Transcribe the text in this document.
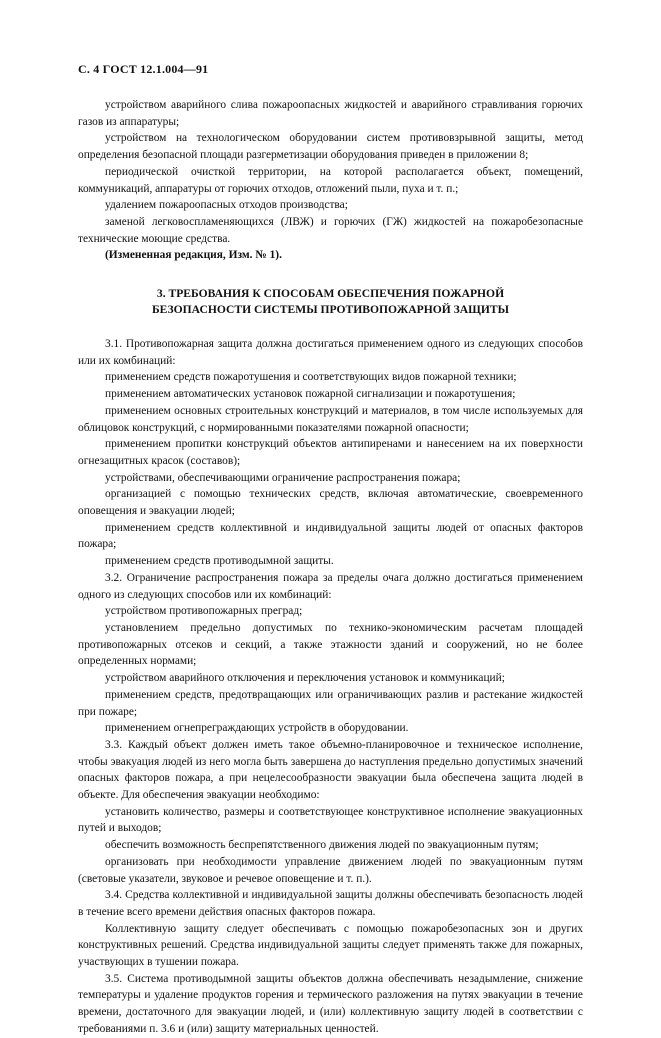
С. 4 ГОСТ 12.1.004—91

устройством аварийного слива пожароопасных жидкостей и аварийного стравливания горючих газов из аппаратуры;

устройством на технологическом оборудовании систем противовзрывной защиты, метод определения безопасной площади разгерметизации оборудования приведен в приложении 8;

периодической очисткой территории, на которой располагается объект, помещений, коммуникаций, аппаратуры от горючих отходов, отложений пыли, пуха и т. п.;

удалением пожароопасных отходов производства;

заменой легковоспламеняющихся (ЛВЖ) и горючих (ГЖ) жидкостей на пожаробезопасные технические моющие средства.

(Измененная редакция, Изм. № 1).

3. ТРЕБОВАНИЯ К СПОСОБАМ ОБЕСПЕЧЕНИЯ ПОЖАРНОЙ
БЕЗОПАСНОСТИ СИСТЕМЫ ПРОТИВОПОЖАРНОЙ ЗАЩИТЫ

3.1. Противопожарная защита должна достигаться применением одного из следующих способов или их комбинаций:

применением средств пожаротушения и соответствующих видов пожарной техники;

применением автоматических установок пожарной сигнализации и пожаротушения;

применением основных строительных конструкций и материалов, в том числе используемых для облицовок конструкций, с нормированными показателями пожарной опасности;

применением пропитки конструкций объектов антипиренами и нанесением на их поверхности огнезащитных красок (составов);

устройствами, обеспечивающими ограничение распространения пожара;

организацией с помощью технических средств, включая автоматические, своевременного оповещения и эвакуации людей;

применением средств коллективной и индивидуальной защиты людей от опасных факторов пожара;

применением средств противодымной защиты.

3.2. Ограничение распространения пожара за пределы очага должно достигаться применением одного из следующих способов или их комбинаций:

устройством противопожарных преград;

установлением предельно допустимых по технико-экономическим расчетам площадей противопожарных отсеков и секций, а также этажности зданий и сооружений, но не более определенных нормами;

устройством аварийного отключения и переключения установок и коммуникаций;

применением средств, предотвращающих или ограничивающих разлив и растекание жидкостей при пожаре;

применением огнепреграждающих устройств в оборудовании.

3.3. Каждый объект должен иметь такое объемно-планировочное и техническое исполнение, чтобы эвакуация людей из него могла быть завершена до наступления предельно допустимых значений опасных факторов пожара, а при нецелесообразности эвакуации была обеспечена защита людей в объекте. Для обеспечения эвакуации необходимо:

установить количество, размеры и соответствующее конструктивное исполнение эвакуационных путей и выходов;

обеспечить возможность беспрепятственного движения людей по эвакуационным путям;

организовать при необходимости управление движением людей по эвакуационным путям (световые указатели, звуковое и речевое оповещение и т. п.).

3.4. Средства коллективной и индивидуальной защиты должны обеспечивать безопасность людей в течение всего времени действия опасных факторов пожара.

Коллективную защиту следует обеспечивать с помощью пожаробезопасных зон и других конструктивных решений. Средства индивидуальной защиты следует применять также для пожарных, участвующих в тушении пожара.

3.5. Система противодымной защиты объектов должна обеспечивать незадымление, снижение температуры и удаление продуктов горения и термического разложения на путях эвакуации в течение времени, достаточного для эвакуации людей, и (или) коллективную защиту людей в соответствии с требованиями п. 3.6 и (или) защиту материальных ценностей.
